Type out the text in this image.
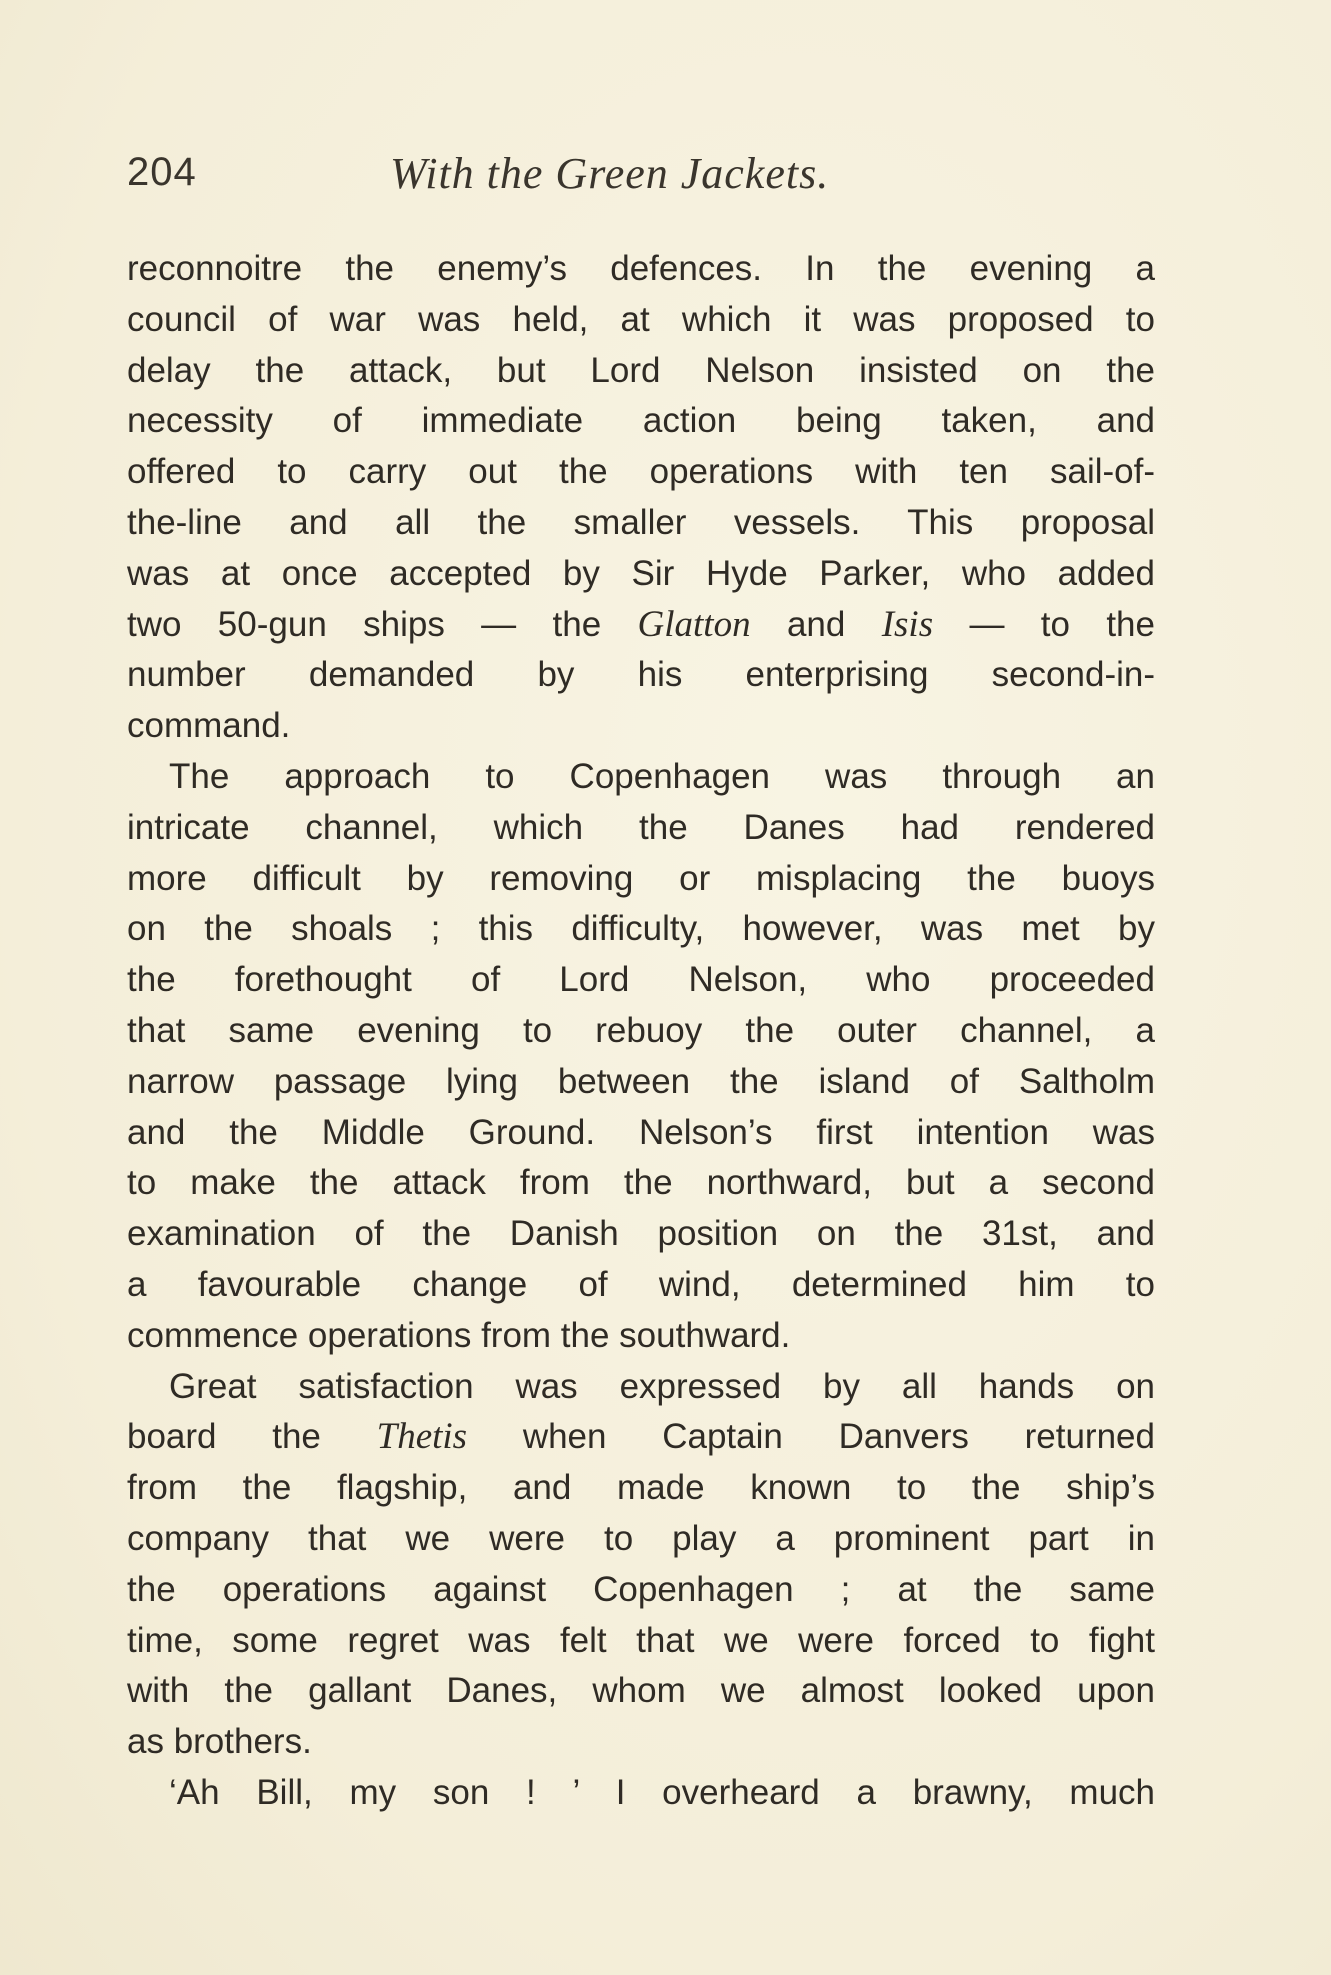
204	With the Green Jackets.
reconnoitre the enemy’s defences. In the evening a
council of war was held, at which it was proposed to
delay the attack, but Lord Nelson insisted on the
necessity of immediate action being taken, and
offered to carry out the operations with ten sail-of-
the-line and all the smaller vessels. This proposal
was at once accepted by Sir Hyde Parker, who added
two 50-gun ships — the Glatton and Isis — to the
number demanded by his enterprising second-in-
command.
The approach to Copenhagen was through an
intricate channel, which the Danes had rendered
more difficult by removing or misplacing the buoys
on the shoals ; this difficulty, however, was met by
the forethought of Lord Nelson, who proceeded
that same evening to rebuoy the outer channel, a
narrow passage lying between the island of Saltholm
and the Middle Ground. Nelson’s first intention was
to make the attack from the northward, but a second
examination of the Danish position on the 31st, and
a favourable change of wind, determined him to
commence operations from the southward.
Great satisfaction was expressed by all hands on
board the Thetis when Captain Danvers returned
from the flagship, and made known to the ship’s
company that we were to play a prominent part in
the operations against Copenhagen ; at the same
time, some regret was felt that we were forced to fight
with the gallant Danes, whom we almost looked upon
as brothers.
‘Ah Bill, my son ! ’ I overheard a brawny, much
